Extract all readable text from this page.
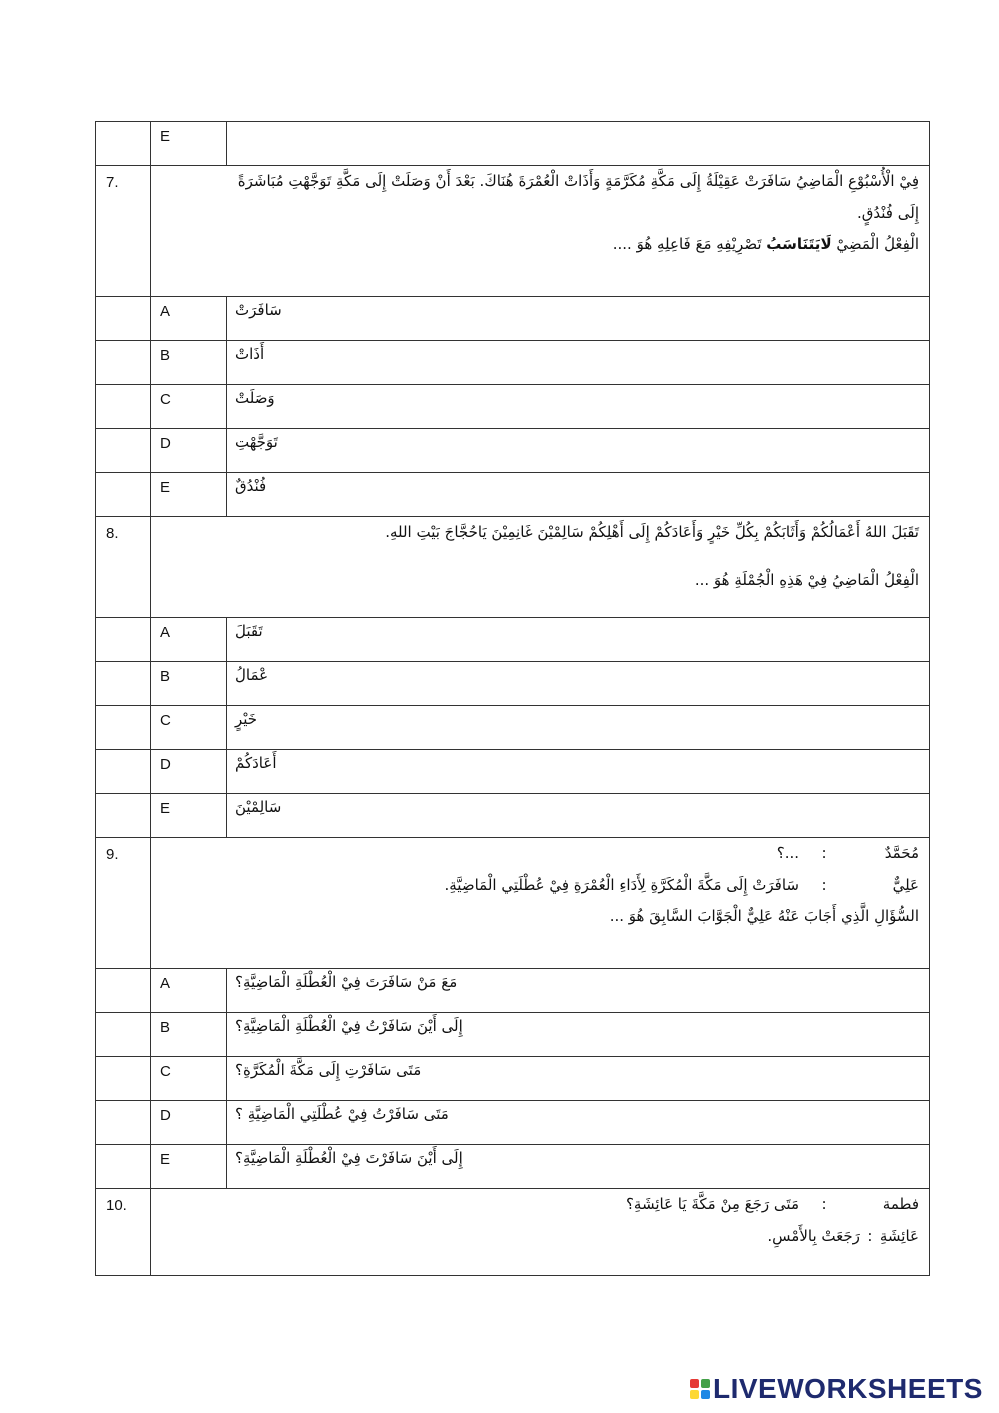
	E	
7.	فِيْ الْأُسْبُوْعِ الْمَاضِيُ سَافَرَتْ عَقِيْلَةُ إِلَى مَكَّةِ مُكَرَّمَةٍ وَأَذَاتْ الْعُمْرَةَ هُنَاكَ. بَعْدَ أَنْ وَصَلَتْ إِلَى مَكَّةِ تَوَجَّهْتِ مُبَاشَرَةً
إِلَى فُنْدُقٍ.
الْفِعْلُ الْمَضِيْ لَايَتَنَاسَبُ تَصْرِيْفِهِ مَعَ فَاعِلِهِ هُوَ ....	

	A	سَافَرَتْ

	B	أَذَاتْ

	C	وَصَلَتْ

	D	تَوَجَّهْتِ

	E	فُنْدُقٌ

8.	تَقَبَلَ اللهُ أَعْمَالُكُمْ وَأَثَابَكُمْ بِكُلِّ خَيْرٍ وَأَعَادَكُمْ إِلَى أَهْلِكُمْ سَالِمْيْنَ غَانِمِيْنَ يَاحُجَّاجَ بَيْتِ اللهِ.
الْفِعْلُ الْمَاضِيُ فِيْ هَذِهِ الْجُمْلَةِ هُوَ ...	

	A	تَقَبَلَ

	B	عْمَالُ

	C	خَيْرٍ

	D	أَعَادَكُمْ

	E	سَالِمْيْنَ

9.	مُحَمَّدٌ:...؟
عَلِيٌّ:سَافَرَتْ إِلَى مَكَّةَ الْمُكَرَّةِ لِأَدَاءِ الْعُمْرَةِ فِيْ عُطْلَتِي الْمَاضِيَّةِ.
السُّؤَالِ الَّذِي أَجَابَ عَنْهُ عَلِيٌّ الْجَوَّابَ السَّابِقَ هُوَ ...	

	A	مَعَ مَنْ سَافَرَتَ فِيْ الْعُطْلَةِ الْمَاضِيَّةِ؟

	B	إِلَى أَيْنَ سَافَرْتُ فِيْ الْعُطْلَةِ الْمَاضِيَّةِ؟

	C	مَتَى سَافَرْتِ إِلَى مَكَّةَ الْمُكَرَّةِ؟

	D	مَتَى سَافَرْتُ فِيْ عُطْلَتِي الْمَاضِيَّةِ ؟

	E	إِلَى أَيْنَ سَافَرْتَ فِيْ الْعُطْلَةِ الْمَاضِيَّةِ؟

10.	فطمة:مَتَى رَجَعَ مِنْ مَكَّةَ يَا عَائِشَةِ؟
عَائِشَةِ:رَجَعَتْ بِالأَمْسِ.	
LIVEWORKSHEETS
